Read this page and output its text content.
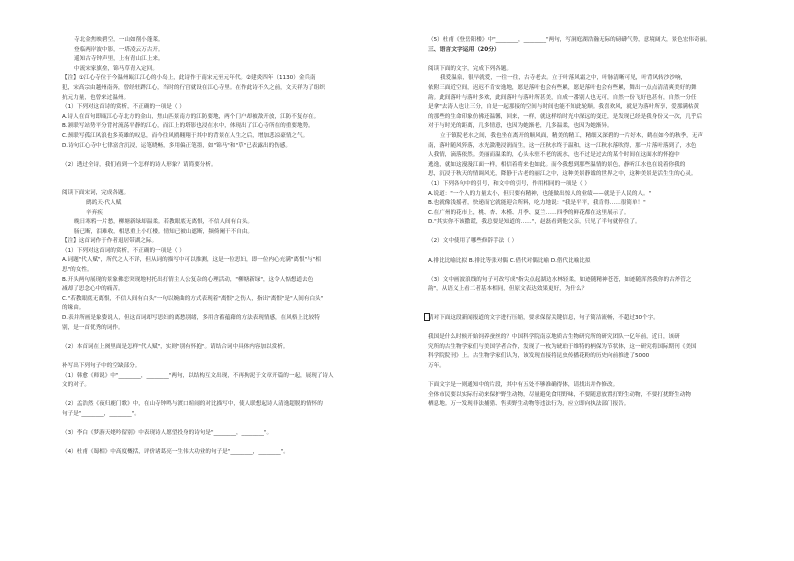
寺北金焦映碧空，一山如削小蓬莱。
登临两岸波中影，一塔凌云万古开。
遥知古寺钟声里，上有青山江上来。
中流宋家旗垒，锦马草青入定回。
【注】①江心寺位于今温州瓯江江心的小岛上，此诗作于南宋元至元年代。②建炎四年（1130）金兵南
犯，宋高宗由越州南奔，曾经驻跸江心，当时的行宫就设在江心寺里。在作此诗不久之前，文天祥为了组织
抗元力量，也曾来过温州。
（1）下列对这首诗的赏析，不正确的一项是（ ）
A.诗人在首句即瓯江心寺北方的金山，焦山匹景南方的江防要地，两个门户却被敌开放，江防不复存在。
B.颔联写站势平分背衬流荡平静的江心，而江上的塔影也浸在水中，体现出了江心寺所在的重要地势。
C.颈联写孤江风浪也多英雄的叹息，而今往风鸥翱翔于其中的背景在人生之后，增加悲凉豪情之气。
D.诗句江心寺中七律富含沉浸，运笔晓畅，多用偏正笔墨，如"锦马"和"草"已表露出的伤感。
（2）透过全诗，我们看到一个怎样的诗人形象？请简要分析。
阅读下面宋词，完成各题。
鹧鸪天·代人赋
辛弃疾
晚日寒鸦一片愁，柳塘新绿却温柔。若教眼底无离恨，不信人间有白头。
肠已断，泪难收，相思重上小红楼。情知已被山遮断，频倚阑干不自由。
【注】这首词作于作者退居带湖之际。
（1）下列对这首词的赏析，不正确的一项是（ ）
A.词题"代人赋"，所代之人不详，但从词的描写中可以推测，这是一位思妇，即一位内心充满"离恨"与"相
思"的女性。
B.开头两句展现的景象佛恋突现地衬托出打情主人公复杂的心理活动，"柳塘新绿"，这令人惦想道去色
减却了思念心中的痛苦。
C."若教眼底无离恨，不信人间有白头"一句以婉曲的方式表现着"离恨"之伤人，指出"离恨"是"人间有白头"
的缘由。
D.表并所画是象姿说人，但这首词却写思妇的离愁别绪，多用含蓄蕴藉的方法表现情感，在风格上比较特
别，是一首优秀的词作。
（2）本首词在上阕里面是怎样"代人赋"，实则"别有怀抱"。请结合词中具体内容加以赏析。
补写出下列句子中的空缺部分。
（1）韩愈《师说》中"________，________"两句，以结构互文出现，不再拘泥于文章开篇的一起，展现了诗人
文的对子。
（2）孟浩然《夜归鹿门歌》中，在山寺钟鸣与渡口暄闹的对比描写中，使人联想起诗人清逸超脱的情怀的
句子是"________，________"。
（3）李白《梦游天姥吟留别》中表现诗人愿望投身的诗句是"________，________"。
（4）杜甫《蜀相》中高度概括，评价诸葛亮一生伟大功业的句子是"________，________"。
（5）杜甫《登岳阳楼》中"________，________"两句，写洞庭湖浩瀚无际的磅礴气势，意境阔大，景色宏伟奇丽。
三、语言文字运用（20分）
阅读下面的文字，完成下列各题。
我爱温泉，很早就爱，一往一往，古寺老去。立于叶落风霜之中，叶脉清晰可见，叶背风转沙沙响，
依附三面近空间，迟迟不肯安逸地，愿是落叶也会有些累，愿是落叶也会有些累，舞出一点点清清爽美好的舞
韵。此间落叶与落叶多欢，此间落叶与落叶所甚美，自成一番别人也无可，自然一份飞好也甚有，自然一分任
是拿"去涛人也让三分，自是一起那接的空间与时间也能不知此轮顺。我喜欢风，就是为落叶所享，爱那满枯黄
的那些的生命印象仿佛还温馨，回来，一样，就这样给时光中深远的变迁，是发现已经是我身份又一次，几乎后
对于与时光的距离，几多情意，也因为她渐老，几多温柔，也因为她渐异。
立于镇院老水之间，我也坐在离开的顺风面，精美的精工，精细又深碧的一片好木，鹤在如今的秋季，无声
南，落叶随风猝落，水光潋滟浸润而生，这一汪秋水终于温和，这一江秋水落吹得，那一片落叶落到了，水色
人我情，滴落依然。美丽而温柔的，心头永驻不老的流水，也不过是过去的某个时间在这面水的怀抱中
逃逸，就如这漫漫江面一样，相信着将来也如此。而今我想到那些温情的景色，静听江水也在说着你我的
思，沉浸于秋天的情调风光，降静于古老的丽江之中，这种美景静谧的世界之中，这种美景是活生生的心灵。
（1）下列各句中的引号，和文中的引号，作用相同的一项是（ ）
A.说道："一个人的力量太小，但只要有精神，也能做出惊人的业绩——就是于人民的人。"
B.也就像浅摇者，快递而它就能迎合所料，吃力地说："我是平平，我肯得……很简单！"
C.在广州的花市上，桃、杏、木槿、月季、夏兰……四季的鲜花都在这里展示了。
D."其实你不该撒谎，我总要是知道的……"，赵磊看到他父亲，只见了半句就停住了。
（2）文中使用了哪些修辞手法（ ）
A.排比比喻比拟 B.排比等张对偶 C.借代对偶比喻 D.借代比喻比拟
（3）文中画波浪线的句子可改写成"指尖点起湖边水林轻柔，如迹随精神苍苍，如迹随浑然我你的古斧管之
韵"，从语义上看二者基本相同，但原文表达效果更好，为什么？
请对下面这段新闻报道的文字进行压缩，要求保留关键信息，句子简洁流畅，不超过30个字。
我国是什么时候开始饲养蚕丝的？中国科学院南京地质古生物研究所的研究团队一亿年前，近日，该研
究所的古生物学家们与美国学者合作，发现了一枚为琥珀于维特的柄保为节状体，这一研究将国际期刊《美国
科学院院刊》上。古生物学家们认为，该发现直接将昆虫传播花粉的历史向前推进了5000
万年。
下面文字是一则通知中的片段，其中有五处不够准确得体，请找出并作修改。
全体市民要以实际行动来保护野生动物，尽量避免食用野味，不要随意放置打野生动物，不要打扰野生动物
栖息地。万一发现非法捕猎、售卖野生动物等违法行为，应立即向执法部门报告。
